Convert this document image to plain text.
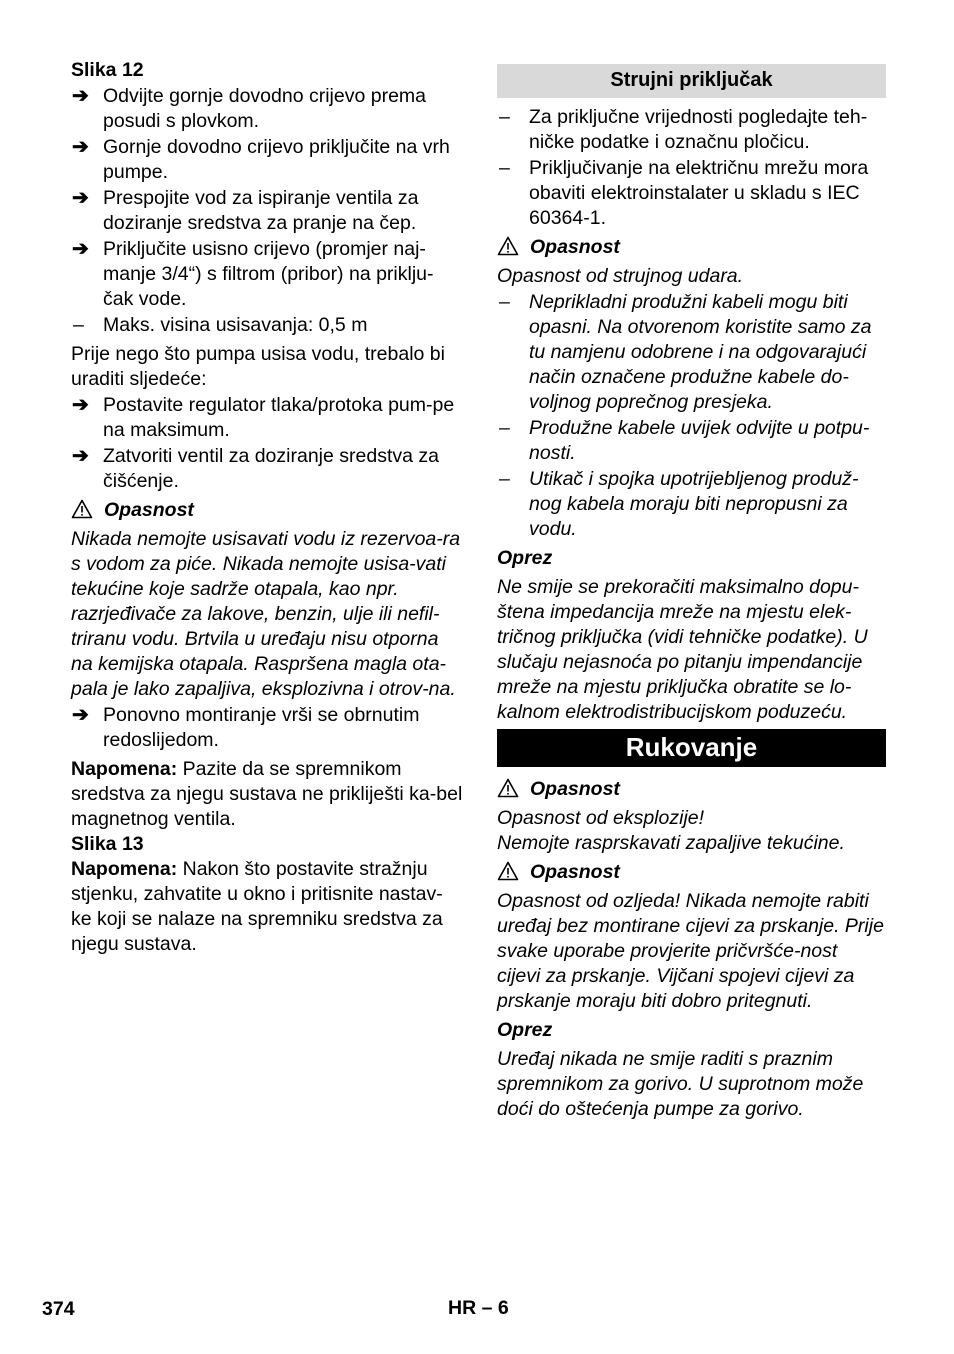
Slika 12
➔ Odvijte gornje dovodno crijevo prema posudi s plovkom.
➔ Gornje dovodno crijevo priključite na vrh pumpe.
➔ Prespojite vod za ispiranje ventila za doziranje sredstva za pranje na čep.
➔ Priključite usisno crijevo (promjer naj-manje 3/4“) s filtrom (pribor) na priklju-čak vode.
– Maks. visina usisavanja: 0,5 m
Prije nego što pumpa usisa vodu, trebalo bi uraditi sljedeće:
➔ Postavite regulator tlaka/protoka pum-pe na maksimum.
➔ Zatvoriti ventil za doziranje sredstva za čišćenje.
Opasnost
Nikada nemojte usisavati vodu iz rezervoa-ra s vodom za piće. Nikada nemojte usisa-vati tekućine koje sadrže otapala, kao npr. razrjeđivače za lakove, benzin, ulje ili nefil-triranu vodu. Brtvila u uređaju nisu otporna na kemijska otapala. Raspršena magla ota-pala je lako zapaljiva, eksplozivna i otrov-na.
➔ Ponovno montiranje vrši se obrnutim redoslijedom.
Napomena: Pazite da se spremnikom sredstva za njegu sustava ne prikliješti ka-bel magnetnog ventila.
Slika 13
Napomena: Nakon što postavite stražnju stjenku, zahvatite u okno i pritisnite nastav-ke koji se nalaze na spremniku sredstva za njegu sustava.
Strujni priključak
– Za priključne vrijednosti pogledajte teh-ničke podatke i označnu pločicu.
– Priključivanje na električnu mrežu mora obaviti elektroinstalater u skladu s IEC 60364-1.
Opasnost
Opasnost od strujnog udara.
– Neprikladni produžni kabeli mogu biti opasni. Na otvorenom koristite samo za tu namjenu odobrene i na odgovarajući način označene produžne kabele do-voljnog poprečnog presjeka.
– Produžne kabele uvijek odvijte u potpu-nosti.
– Utikač i spojka upotrijebljenog produž-nog kabela moraju biti nepropusni za vodu.
Oprez
Ne smije se prekoračiti maksimalno dopu-štena impedancija mreže na mjestu elek-tričnog priključka (vidi tehničke podatke). U slučaju nejasnoća po pitanju impendancije mreže na mjestu priključka obratite se lo-kalnom elektrodistribucijskom poduzeću.
Rukovanje
Opasnost
Opasnost od eksplozije!
Nemojte rasprskavati zapaljive tekućine.
Opasnost
Opasnost od ozljeda! Nikada nemojte rabiti uređaj bez montirane cijevi za prskanje. Prije svake uporabe provjerite pričvršće-nost cijevi za prskanje. Vijčani spojevi cijevi za prskanje moraju biti dobro pritegnuti.
Oprez
Uređaj nikada ne smije raditi s praznim spremnikom za gorivo. U suprotnom može doći do oštećenja pumpe za gorivo.
374	HR – 6
